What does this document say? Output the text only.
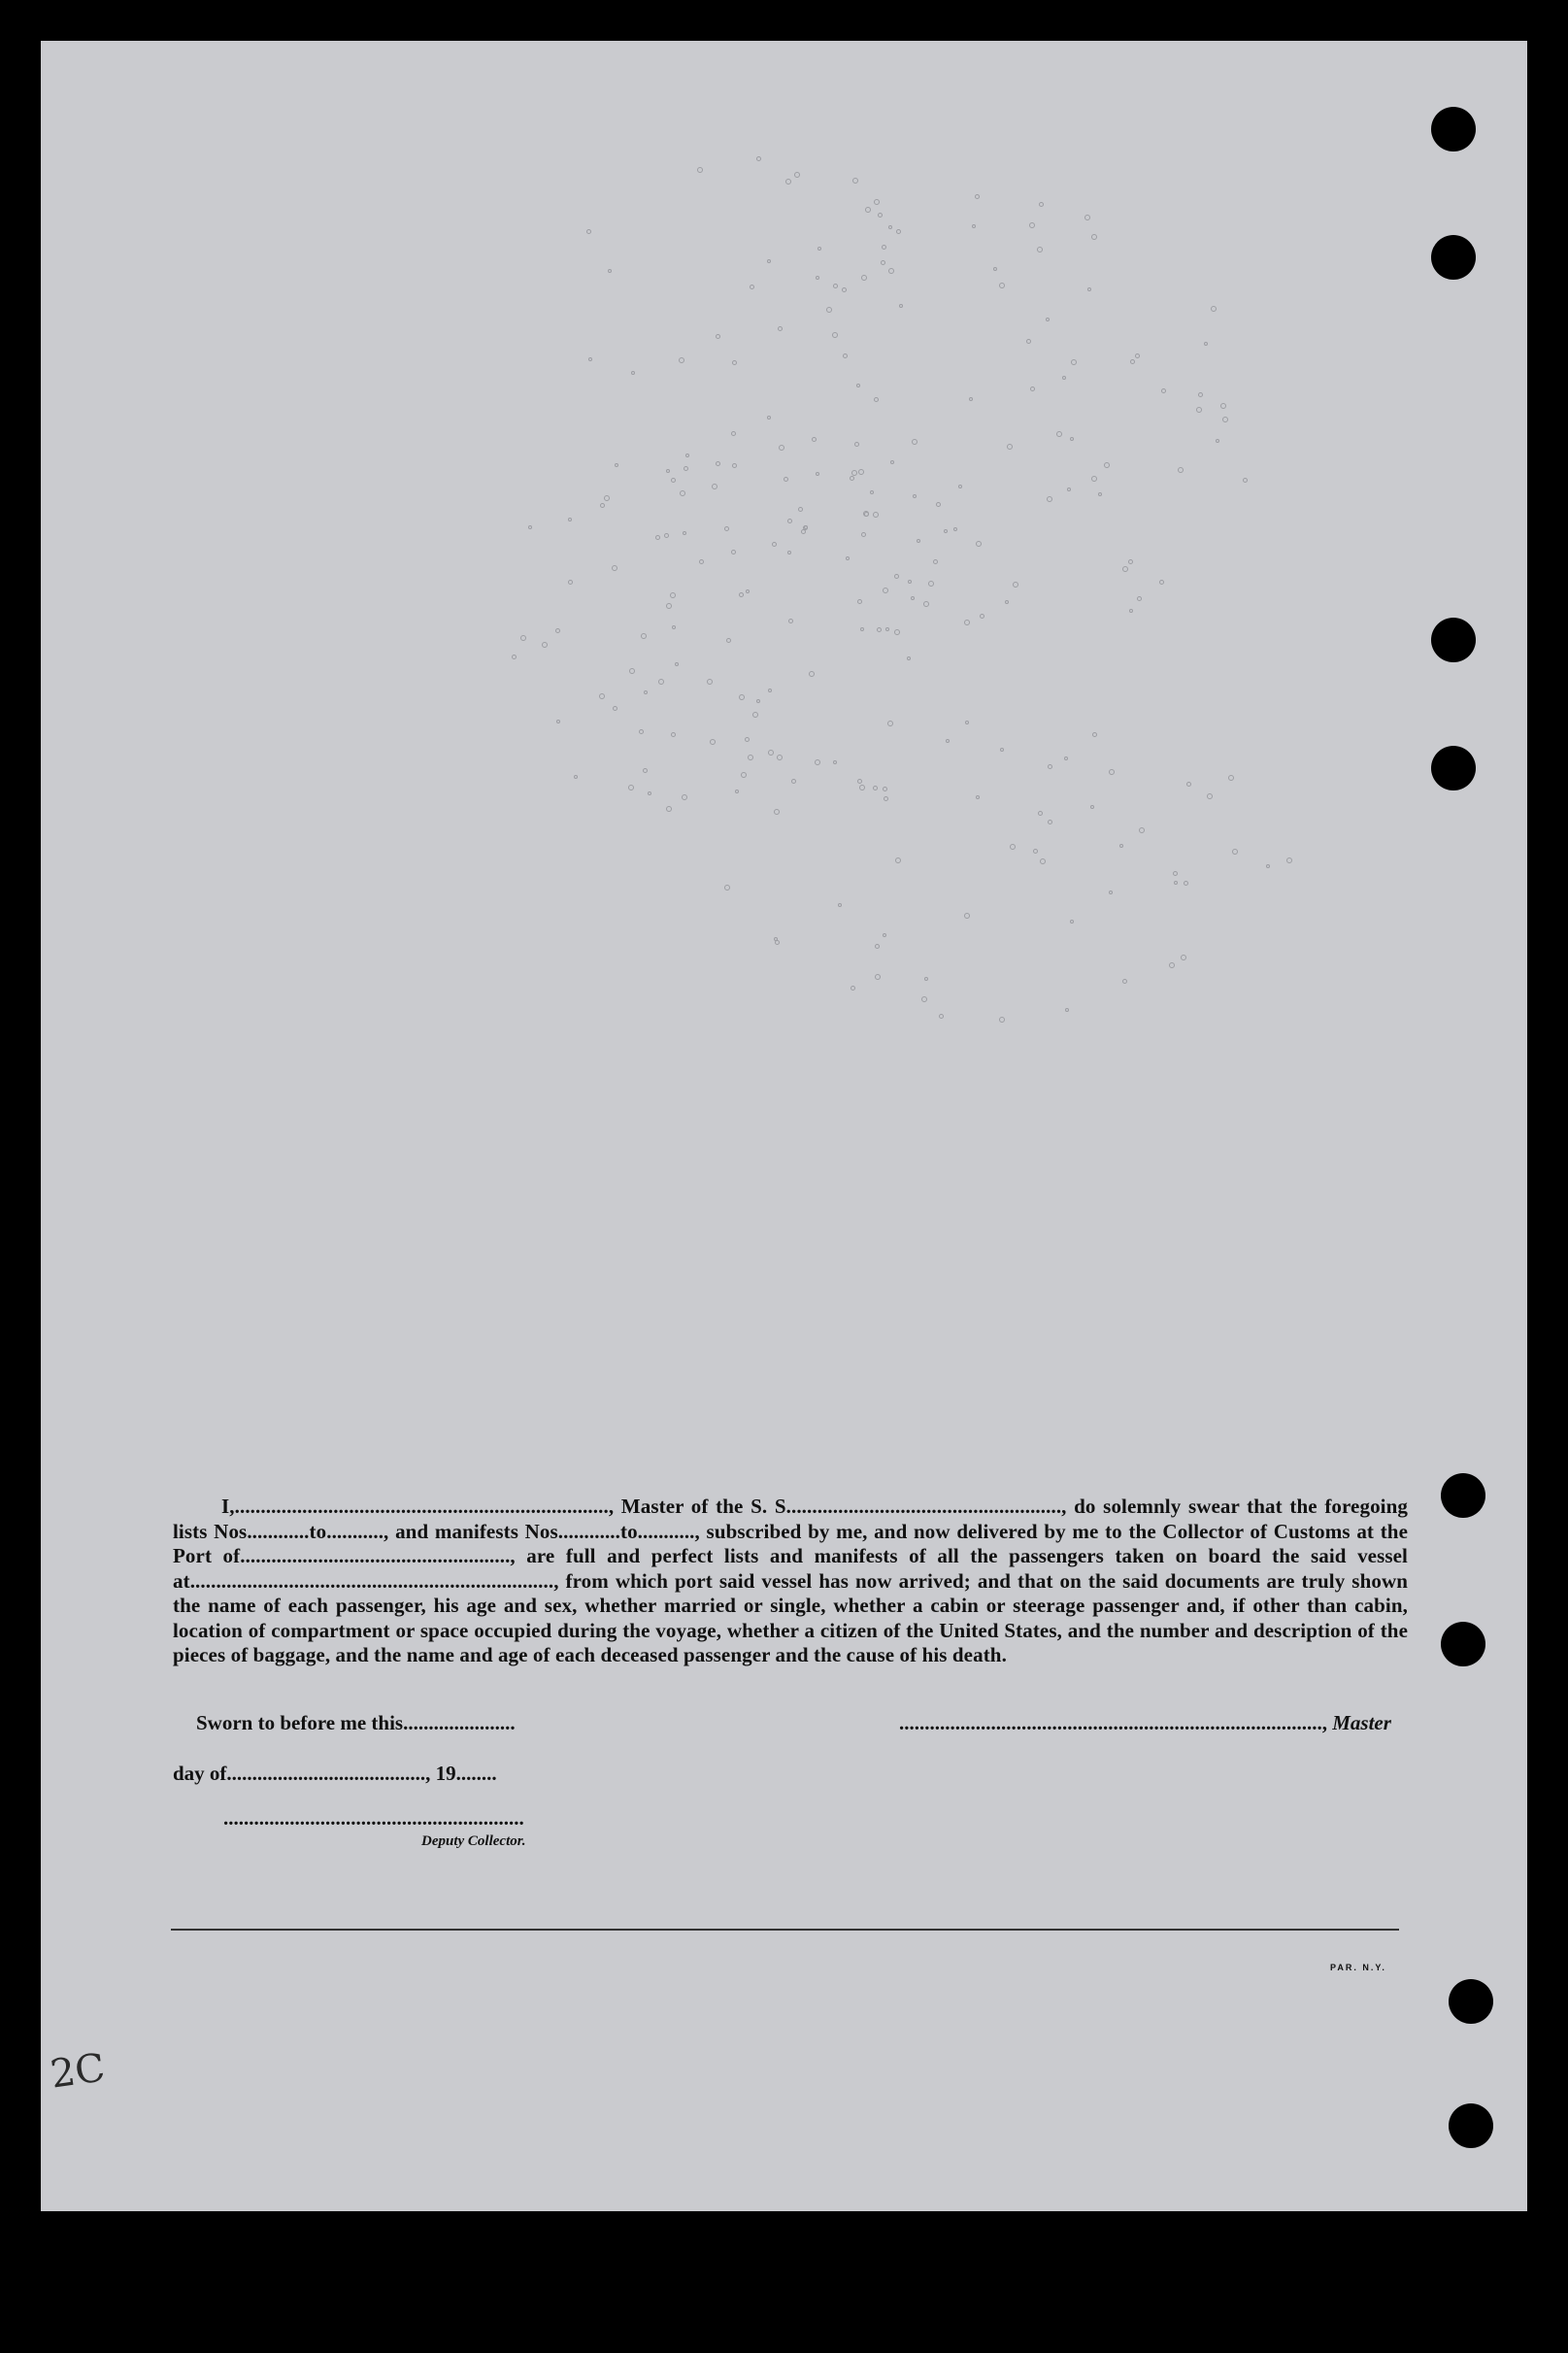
I,........................................................................, Master of the S. S.....................................................​, do solemnly swear that the foregoing lists Nos............to..........., and manifests Nos............to..........., subscribed by me, and now delivered by me to the Collector of Customs at the Port of...................................................., are full and perfect lists and manifests of all the passengers taken on board the said vessel at......................................................................, from which port said vessel has now arrived; and that on the said documents are truly shown the name of each passenger, his age and sex, whether married or single, whether a cabin or steerage passenger and, if other than cabin, location of compartment or space occupied during the voyage, whether a citizen of the United States, and the number and description of the pieces of baggage, and the name and age of each deceased passenger and the cause of his death.

Sworn to before me this......................	..................................................................................., Master
day of......................................., 19........
...........................................................
Deputy Collector.
PAR. N.Y.
2C
